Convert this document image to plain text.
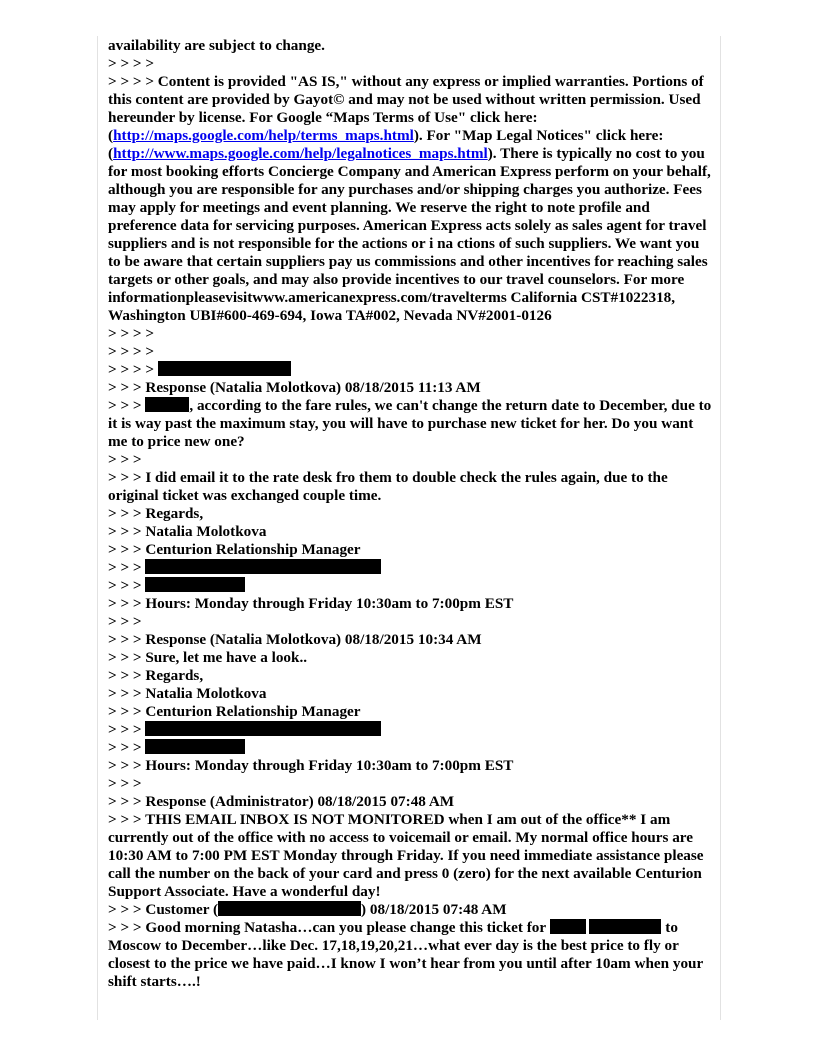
availability are subject to change.
> > > >
> > > > Content is provided "AS IS," without any express or implied warranties. Portions of this content are provided by Gayot© and may not be used without written permission. Used hereunder by license. For Google “Maps Terms of Use" click here: (http://maps.google.com/help/terms_maps.html). For "Map Legal Notices" click here: (http://www.maps.google.com/help/legalnotices_maps.html). There is typically no cost to you for most booking efforts Concierge Company and American Express perform on your behalf, although you are responsible for any purchases and/or shipping charges you authorize. Fees may apply for meetings and event planning. We reserve the right to note profile and preference data for servicing purposes. American Express acts solely as sales agent for travel suppliers and is not responsible for the actions or i na ctions of such suppliers. We want you to be aware that certain suppliers pay us commissions and other incentives for reaching sales targets or other goals, and may also provide incentives to our travel counselors. For more informationpleasevisitwww.americanexpress.com/travelterms California CST#1022318, Washington UBI#600-469-694, Iowa TA#002, Nevada NV#2001-0126
> > > >
> > > >
> > > >
> > > Response (Natalia Molotkova) 08/18/2015 11:13 AM
> > >	, according to the fare rules, we can't change the return date to December, due to it is way past the maximum stay, you will have to purchase new ticket for her. Do you want me to price new one?
> > >
> > > I did email it to the rate desk fro them to double check the rules again, due to the original ticket was exchanged couple time.
> > > Regards,
> > > Natalia Molotkova
> > > Centurion Relationship Manager
> > >
> > >
> > > Hours: Monday through Friday 10:30am to 7:00pm EST
> > >
> > > Response (Natalia Molotkova) 08/18/2015 10:34 AM
> > > Sure, let me have a look..
> > > Regards,
> > > Natalia Molotkova
> > > Centurion Relationship Manager
> > >
> > >
> > > Hours: Monday through Friday 10:30am to 7:00pm EST
> > >
> > > Response (Administrator) 08/18/2015 07:48 AM
> > > THIS EMAIL INBOX IS NOT MONITORED when I am out of the office** I am currently out of the office with no access to voicemail or email. My normal office hours are 10:30 AM to 7:00 PM EST Monday through Friday. If you need immediate assistance please call the number on the back of your card and press 0 (zero) for the next available Centurion Support Associate. Have a wonderful day!
> > > Customer (	) 08/18/2015 07:48 AM
> > > Good morning Natasha…can you please change this ticket for	to Moscow to December…like Dec. 17,18,19,20,21…what ever day is the best price to fly or closest to the price we have paid…I know I won’t hear from you until after 10am when your shift starts….!
